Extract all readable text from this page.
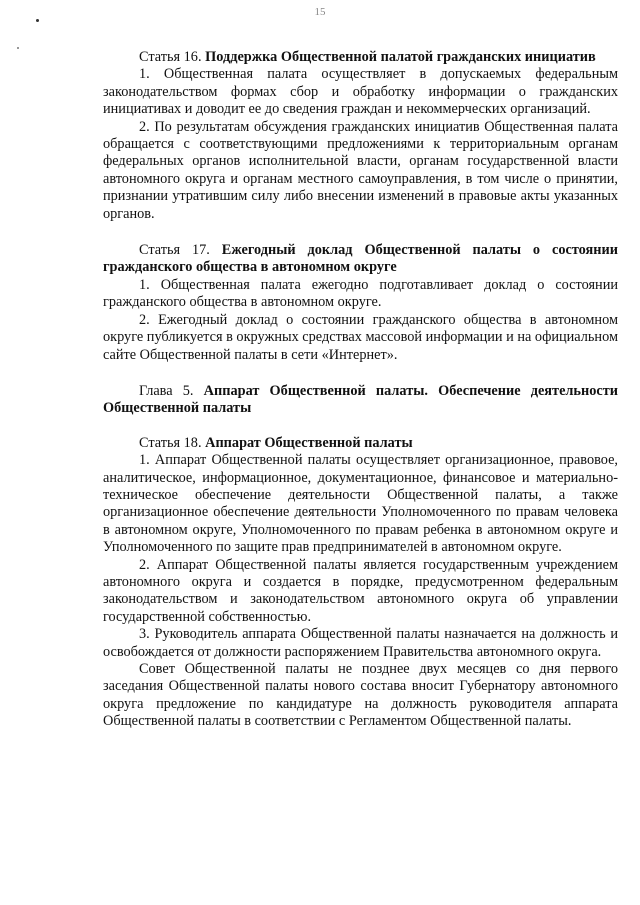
15

Статья 16. Поддержка Общественной палатой гражданских инициатив

1. Общественная палата осуществляет в допускаемых федеральным законодательством формах сбор и обработку информации о гражданских инициативах и доводит ее до сведения граждан и некоммерческих организаций.

2. По результатам обсуждения гражданских инициатив Общественная палата обращается с соответствующими предложениями к территориальным органам федеральных органов исполнительной власти, органам государственной власти автономного округа и органам местного самоуправления, в том числе о принятии, признании утратившим силу либо внесении изменений в правовые акты указанных органов.

Статья 17. Ежегодный доклад Общественной палаты о состоянии гражданского общества в автономном округе

1. Общественная палата ежегодно подготавливает доклад о состоянии гражданского общества в автономном округе.

2. Ежегодный доклад о состоянии гражданского общества в автономном округе публикуется в окружных средствах массовой информации и на официальном сайте Общественной палаты в сети «Интернет».

Глава 5. Аппарат Общественной палаты. Обеспечение деятельности Общественной палаты

Статья 18. Аппарат Общественной палаты

1. Аппарат Общественной палаты осуществляет организационное, правовое, аналитическое, информационное, документационное, финансовое и материально-техническое обеспечение деятельности Общественной палаты, а также организационное обеспечение деятельности Уполномоченного по правам человека в автономном округе, Уполномоченного по правам ребенка в автономном округе и Уполномоченного по защите прав предпринимателей в автономном округе.

2. Аппарат Общественной палаты является государственным учреждением автономного округа и создается в порядке, предусмотренном федеральным законодательством и законодательством автономного округа об управлении государственной собственностью.

3. Руководитель аппарата Общественной палаты назначается на должность и освобождается от должности распоряжением Правительства автономного округа.

Совет Общественной палаты не позднее двух месяцев со дня первого заседания Общественной палаты нового состава вносит Губернатору автономного округа предложение по кандидатуре на должность руководителя аппарата Общественной палаты в соответствии с Регламентом Общественной палаты.
